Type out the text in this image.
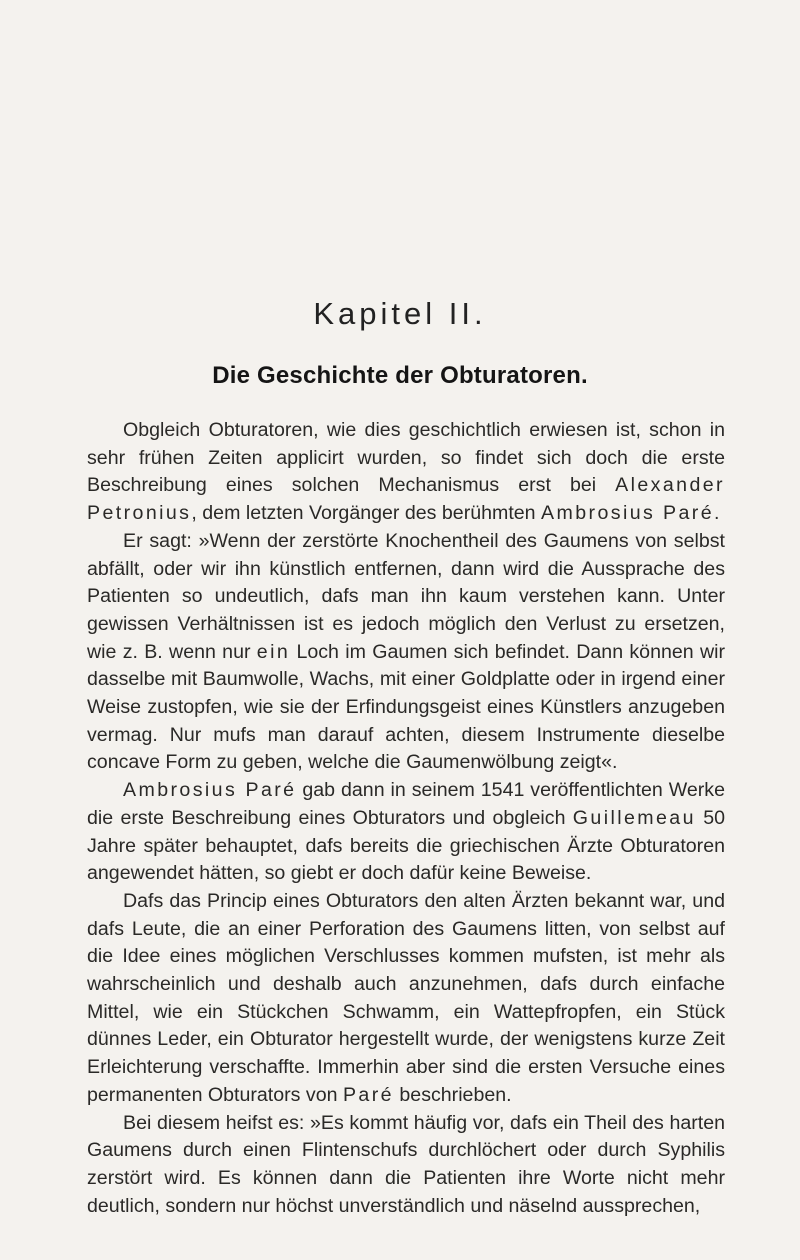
Kapitel II.
Die Geschichte der Obturatoren.

Obgleich Obturatoren, wie dies geschichtlich erwiesen ist, schon in sehr frühen Zeiten applicirt wurden, so findet sich doch die erste Beschreibung eines solchen Mechanismus erst bei Alexander Petronius, dem letzten Vorgänger des berühmten Ambrosius Paré.

Er sagt: »Wenn der zerstörte Knochentheil des Gaumens von selbst abfällt, oder wir ihn künstlich entfernen, dann wird die Aussprache des Patienten so undeutlich, dafs man ihn kaum verstehen kann. Unter gewissen Verhältnissen ist es jedoch möglich den Verlust zu ersetzen, wie z. B. wenn nur ein Loch im Gaumen sich befindet. Dann können wir dasselbe mit Baumwolle, Wachs, mit einer Goldplatte oder in irgend einer Weise zustopfen, wie sie der Erfindungsgeist eines Künstlers anzugeben vermag. Nur mufs man darauf achten, diesem Instrumente dieselbe concave Form zu geben, welche die Gaumenwölbung zeigt«.

Ambrosius Paré gab dann in seinem 1541 veröffentlichten Werke die erste Beschreibung eines Obturators und obgleich Guillemeau 50 Jahre später behauptet, dafs bereits die griechischen Ärzte Obturatoren angewendet hätten, so giebt er doch dafür keine Beweise.

Dafs das Princip eines Obturators den alten Ärzten bekannt war, und dafs Leute, die an einer Perforation des Gaumens litten, von selbst auf die Idee eines möglichen Verschlusses kommen mufsten, ist mehr als wahrscheinlich und deshalb auch anzunehmen, dafs durch einfache Mittel, wie ein Stückchen Schwamm, ein Wattepfropfen, ein Stück dünnes Leder, ein Obturator hergestellt wurde, der wenigstens kurze Zeit Erleichterung verschaffte. Immerhin aber sind die ersten Versuche eines permanenten Obturators von Paré beschrieben.

Bei diesem heifst es: »Es kommt häufig vor, dafs ein Theil des harten Gaumens durch einen Flintenschufs durchlöchert oder durch Syphilis zerstört wird. Es können dann die Patienten ihre Worte nicht mehr deutlich, sondern nur höchst unverständlich und näselnd aussprechen,
